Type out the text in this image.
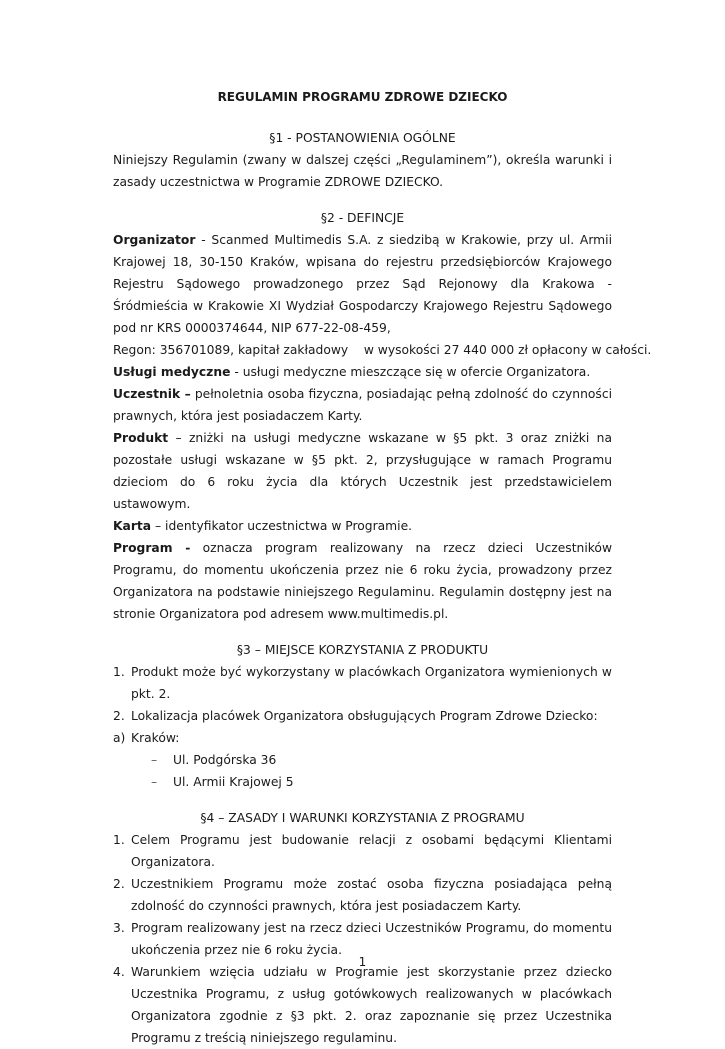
REGULAMIN PROGRAMU ZDROWE DZIECKO
§1 - POSTANOWIENIA OGÓLNE
Niniejszy Regulamin (zwany w dalszej części „Regulaminem”), określa warunki i zasady uczestnictwa w Programie ZDROWE DZIECKO.
§2 - DEFINCJE
Organizator - Scanmed Multimedis S.A. z siedzibą w Krakowie, przy ul. Armii Krajowej 18, 30-150 Kraków, wpisana do rejestru przedsiębiorców Krajowego Rejestru Sądowego prowadzonego przez Sąd Rejonowy dla Krakowa - Śródmieścia w Krakowie XI Wydział Gospodarczy Krajowego Rejestru Sądowego pod nr KRS 0000374644, NIP 677-22-08-459,
Regon: 356701089, kapitał zakładowy    w wysokości 27 440 000 zł opłacony w całości.
Usługi medyczne - usługi medyczne mieszczące się w ofercie Organizatora.
Uczestnik – pełnoletnia osoba fizyczna, posiadając pełną zdolność do czynności prawnych, która jest posiadaczem Karty.
Produkt – zniżki na usługi medyczne wskazane w §5 pkt. 3 oraz zniżki na pozostałe usługi wskazane w §5 pkt. 2, przysługujące w ramach Programu dzieciom do 6 roku życia dla których Uczestnik jest przedstawicielem ustawowym.
Karta – identyfikator uczestnictwa w Programie.
Program - oznacza program realizowany na rzecz dzieci Uczestników Programu, do momentu ukończenia przez nie 6 roku życia, prowadzony przez Organizatora na podstawie niniejszego Regulaminu. Regulamin dostępny jest na stronie Organizatora pod adresem www.multimedis.pl.
§3 – MIEJSCE KORZYSTANIA Z PRODUKTU
1. Produkt może być wykorzystany w placówkach Organizatora wymienionych w pkt. 2.
2. Lokalizacja placówek Organizatora obsługujących Program Zdrowe Dziecko:
a) Kraków:
–	Ul. Podgórska 36
–	Ul. Armii Krajowej 5
§4 – ZASADY I WARUNKI KORZYSTANIA Z PROGRAMU
1. Celem Programu jest budowanie relacji z osobami będącymi Klientami Organizatora.
2. Uczestnikiem Programu może zostać osoba fizyczna posiadająca pełną zdolność do czynności prawnych, która jest posiadaczem Karty.
3. Program realizowany jest na rzecz dzieci Uczestników Programu, do momentu ukończenia przez nie 6 roku życia.
4. Warunkiem wzięcia udziału w Programie jest skorzystanie przez dziecko Uczestnika Programu, z usług gotówkowych realizowanych w placówkach Organizatora zgodnie z §3 pkt. 2. oraz zapoznanie się przez Uczestnika Programu z treścią niniejszego regulaminu.
1
